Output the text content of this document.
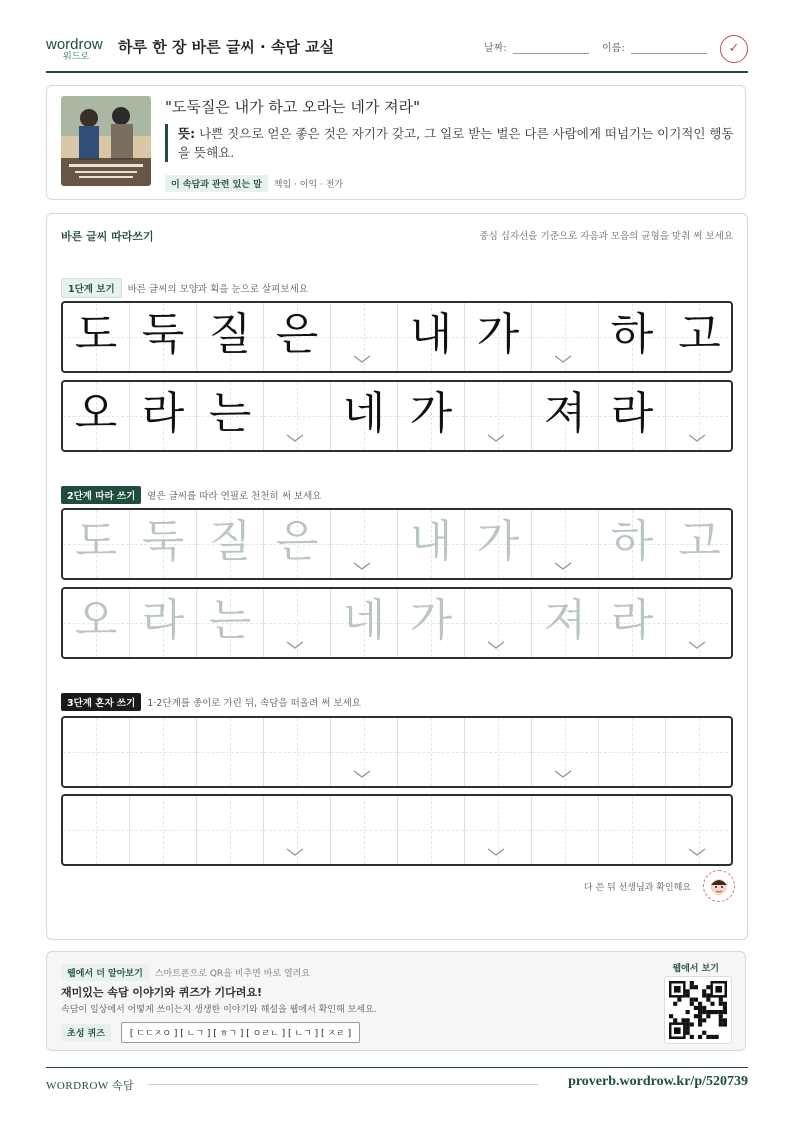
wordrow
워드로 하루 한 장 바른 글씨 · 속담 교실	날짜:	이름:	✓
"도둑질은 내가 하고 오라는 네가 져라"
뜻: 나쁜 짓으로 얻은 좋은 것은 자기가 갖고, 그 일로 받는 벌은 다른 사람에게 떠넘기는 이기적인 행동을 뜻해요.
이 속담과 관련 있는 말 책임 · 이익 · 전가
바른 글씨 따라쓰기	중심 십자선을 기준으로 자음과 모음의 균형을 맞춰 써 보세요
1단계 보기 바른 글씨의 모양과 획을 눈으로 살펴보세요
도 둑 질 은 내 가 하 고
오 라 는 네 가 져 라
2단계 따라 쓰기 옅은 글씨를 따라 연필로 천천히 써 보세요
도 둑 질 은 내 가 하 고
오 라 는 네 가 져 라
3단계 혼자 쓰기 1·2단계를 종이로 가린 뒤, 속담을 떠올려 써 보세요
다 쓴 뒤 선생님과 확인해요
웹에서 더 알아보기 스마트폰으로 QR을 비추면 바로 열려요
재미있는 속담 이야기와 퀴즈가 기다려요!
속담이 일상에서 어떻게 쓰이는지 생생한 이야기와 해설을 웹에서 확인해 보세요.
초성 퀴즈	[ ㄷㄷㅈㅇ ] [ ㄴㄱ ] [ ㅎㄱ ] [ ㅇㄹㄴ ] [ ㄴㄱ ] [ ㅈㄹ ]
웹에서 보기
WORDROW 속담	proverb.wordrow.kr/p/520739
